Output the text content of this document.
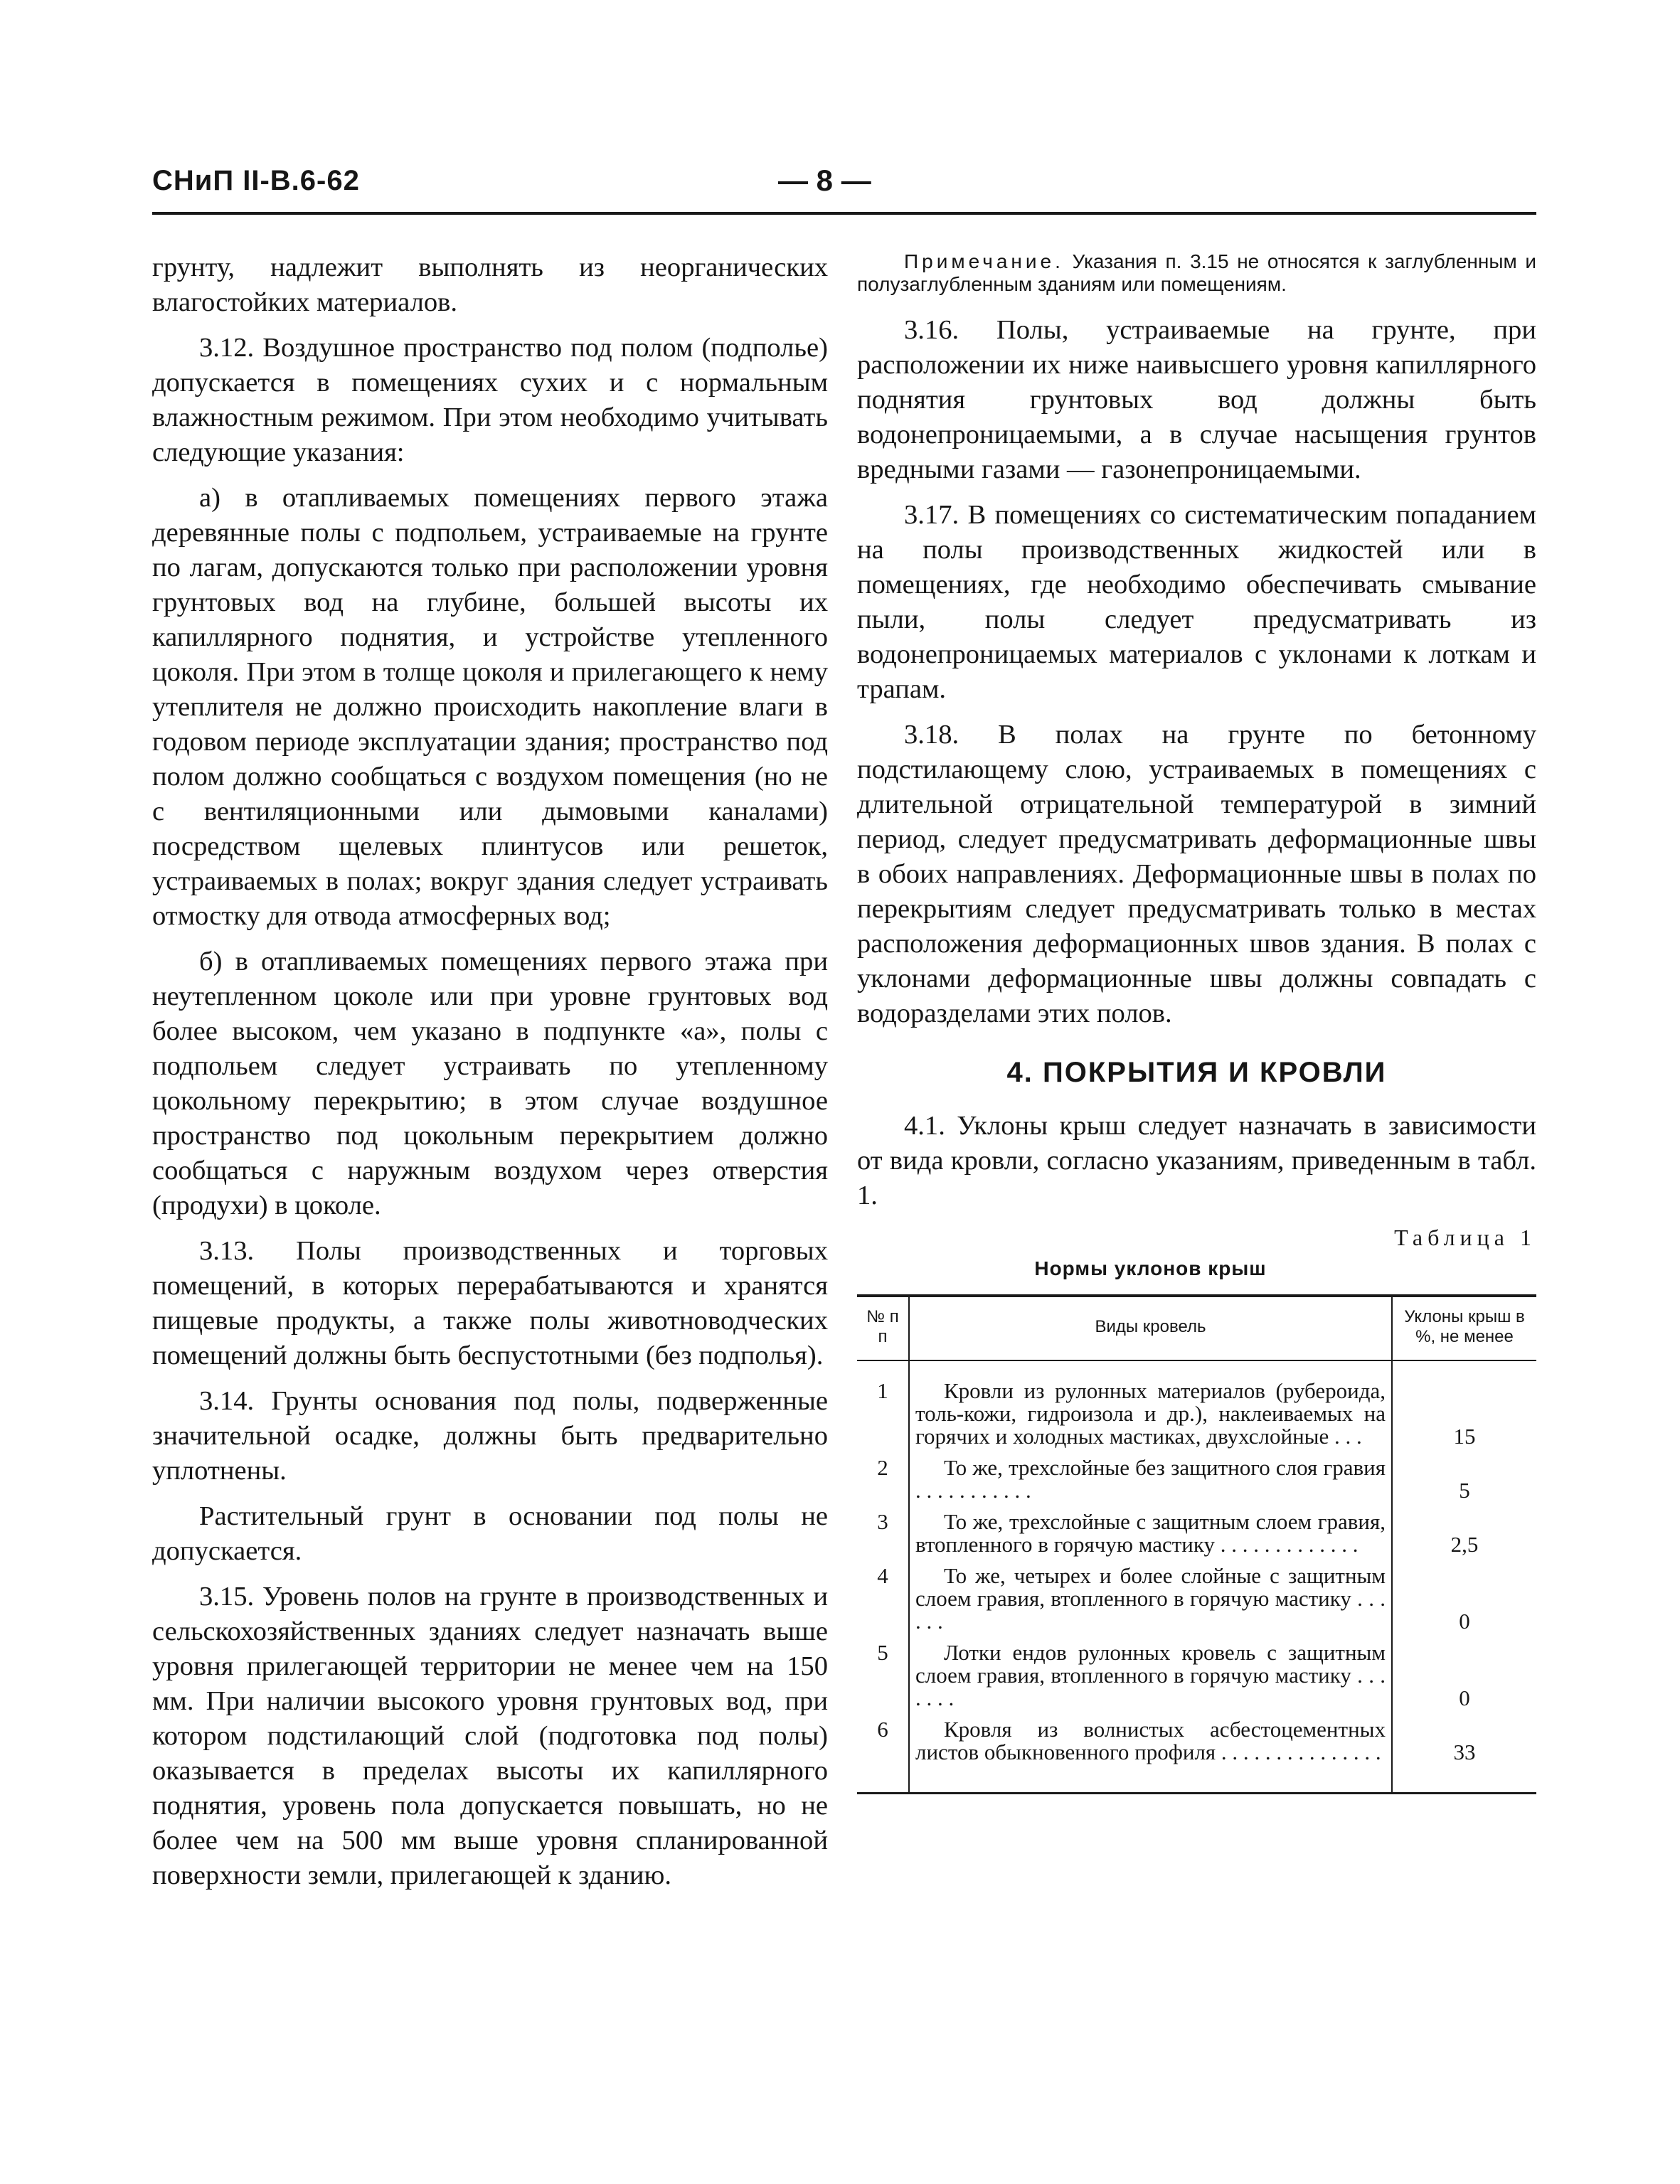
СНиП II-В.6-62	— 8 —

грунту, надлежит выполнять из неорганических влагостойких материалов.

3.12. Воздушное пространство под полом (подполье) допускается в помещениях сухих и с нормальным влажностным режимом. При этом необходимо учитывать следующие указания:

а) в отапливаемых помещениях первого этажа деревянные полы с подпольем, устраиваемые на грунте по лагам, допускаются только при расположении уровня грунтовых вод на глубине, большей высоты их капиллярного поднятия, и устройстве утепленного цоколя. При этом в толще цоколя и прилегающего к нему утеплителя не должно происходить накопление влаги в годовом периоде эксплуатации здания; пространство под полом должно сообщаться с воздухом помещения (но не с вентиляционными или дымовыми каналами) посредством щелевых плинтусов или решеток, устраиваемых в полах; вокруг здания следует устраивать отмостку для отвода атмосферных вод;

б) в отапливаемых помещениях первого этажа при неутепленном цоколе или при уровне грунтовых вод более высоком, чем указано в подпункте «а», полы с подпольем следует устраивать по утепленному цокольному перекрытию; в этом случае воздушное пространство под цокольным перекрытием должно сообщаться с наружным воздухом через отверстия (продухи) в цоколе.

3.13. Полы производственных и торговых помещений, в которых перерабатываются и хранятся пищевые продукты, а также полы животноводческих помещений должны быть беспустотными (без подполья).

3.14. Грунты основания под полы, подверженные значительной осадке, должны быть предварительно уплотнены.

Растительный грунт в основании под полы не допускается.

3.15. Уровень полов на грунте в производственных и сельскохозяйственных зданиях следует назначать выше уровня прилегающей территории не менее чем на 150 мм. При наличии высокого уровня грунтовых вод, при котором подстилающий слой (подготовка под полы) оказывается в пределах высоты их капиллярного поднятия, уровень пола допускается повышать, но не более чем на 500 мм выше уровня спланированной поверхности земли, прилегающей к зданию.

Примечание. Указания п. 3.15 не относятся к заглубленным и полузаглубленным зданиям или помещениям.

3.16. Полы, устраиваемые на грунте, при расположении их ниже наивысшего уровня капиллярного поднятия грунтовых вод должны быть водонепроницаемыми, а в случае насыщения грунтов вредными газами — газонепроницаемыми.

3.17. В помещениях со систематическим попаданием на полы производственных жидкостей или в помещениях, где необходимо обеспечивать смывание пыли, полы следует предусматривать из водонепроницаемых материалов с уклонами к лоткам и трапам.

3.18. В полах на грунте по бетонному подстилающему слою, устраиваемых в помещениях с длительной отрицательной температурой в зимний период, следует предусматривать деформационные швы в обоих направлениях. Деформационные швы в полах по перекрытиям следует предусматривать только в местах расположения деформационных швов здания. В полах с уклонами деформационные швы должны совпадать с водоразделами этих полов.

4. ПОКРЫТИЯ И КРОВЛИ

4.1. Уклоны крыш следует назначать в зависимости от вида кровли, согласно указаниям, приведенным в табл. 1.

Таблица 1
Нормы уклонов крыш
№ п п	Виды кровель	Уклоны крыш в %, не менее
1	Кровли из рулонных материалов (рубероида, толь-кожи, гидроизола и др.), наклеиваемых на горячих и холодных мастиках, двухслойные . . .	15
2	То же, трехслойные без защитного слоя гравия . . . . . . . . . . .	5
3	То же, трехслойные с защитным слоем гравия, втопленного в горячую мастику . . . . . . . . . . . . .	2,5
4	То же, четырех и более слойные с защитным слоем гравия, втопленного в горячую мастику . . . . . .	0
5	Лотки ендов рулонных кровель с защитным слоем гравия, втопленного в горячую мастику . . . . . . .	0
6	Кровля из волнистых асбестоцементных листов обыкновенного профиля . . . . . . . . . . . . . . .	33
